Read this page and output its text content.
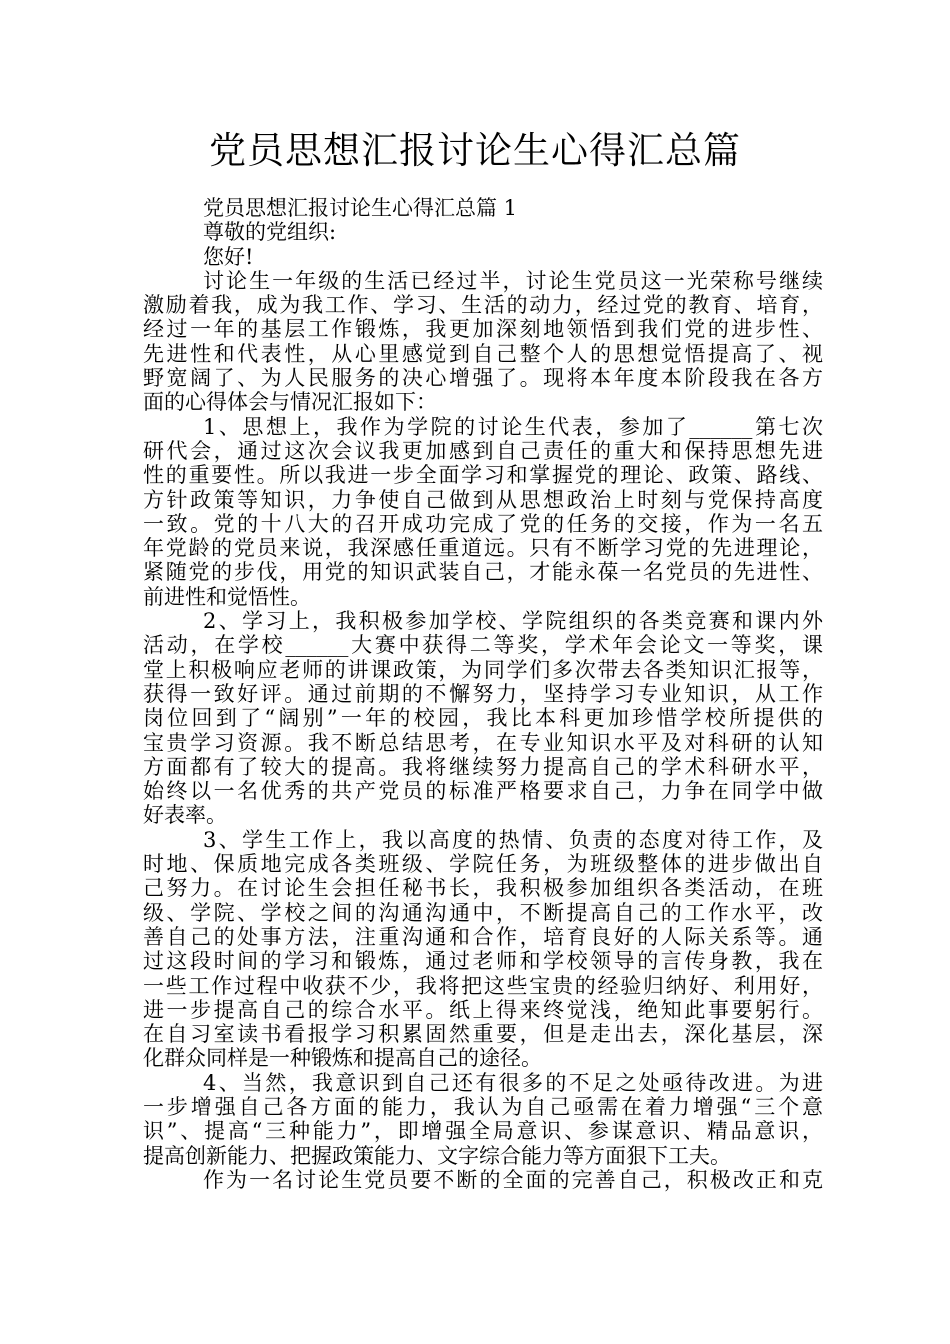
党员思想汇报讨论生心得汇总篇
党员思想汇报讨论生心得汇总篇 1
尊敬的党组织:
您好!
讨论生一年级的生活已经过半，讨论生党员这一光荣称号继续
激励着我，成为我工作、学习、生活的动力，经过党的教育、培育，
经过一年的基层工作锻炼，我更加深刻地领悟到我们党的进步性、
先进性和代表性，从心里感觉到自己整个人的思想觉悟提高了、视
野宽阔了、为人民服务的决心增强了。现将本年度本阶段我在各方
面的心得体会与情况汇报如下：
1、思想上，我作为学院的讨论生代表，参加了______第七次
研代会，通过这次会议我更加感到自己责任的重大和保持思想先进
性的重要性。所以我进一步全面学习和掌握党的理论、政策、路线、
方针政策等知识，力争使自己做到从思想政治上时刻与党保持高度
一致。党的十八大的召开成功完成了党的任务的交接，作为一名五
年党龄的党员来说，我深感任重道远。只有不断学习党的先进理论，
紧随党的步伐，用党的知识武装自己，才能永葆一名党员的先进性、
前进性和觉悟性。
2、学习上，我积极参加学校、学院组织的各类竞赛和课内外
活动，在学校______大赛中获得二等奖，学术年会论文一等奖，课
堂上积极响应老师的讲课政策，为同学们多次带去各类知识汇报等，
获得一致好评。通过前期的不懈努力，坚持学习专业知识，从工作
岗位回到了“阔别”一年的校园，我比本科更加珍惜学校所提供的
宝贵学习资源。我不断总结思考，在专业知识水平及对科研的认知
方面都有了较大的提高。我将继续努力提高自己的学术科研水平，
始终以一名优秀的共产党员的标准严格要求自己，力争在同学中做
好表率。
3、学生工作上，我以高度的热情、负责的态度对待工作，及
时地、保质地完成各类班级、学院任务，为班级整体的进步做出自
己努力。在讨论生会担任秘书长，我积极参加组织各类活动，在班
级、学院、学校之间的沟通沟通中，不断提高自己的工作水平，改
善自己的处事方法，注重沟通和合作，培育良好的人际关系等。通
过这段时间的学习和锻炼，通过老师和学校领导的言传身教，我在
一些工作过程中收获不少，我将把这些宝贵的经验归纳好、利用好，
进一步提高自己的综合水平。纸上得来终觉浅，绝知此事要躬行。
在自习室读书看报学习积累固然重要，但是走出去，深化基层，深
化群众同样是一种锻炼和提高自己的途径。
4、当然，我意识到自己还有很多的不足之处亟待改进。为进
一步增强自己各方面的能力，我认为自己亟需在着力增强“三个意
识”、提高“三种能力”，即增强全局意识、参谋意识、精品意识，
提高创新能力、把握政策能力、文字综合能力等方面狠下工夫。
作为一名讨论生党员要不断的全面的完善自己，积极改正和克
